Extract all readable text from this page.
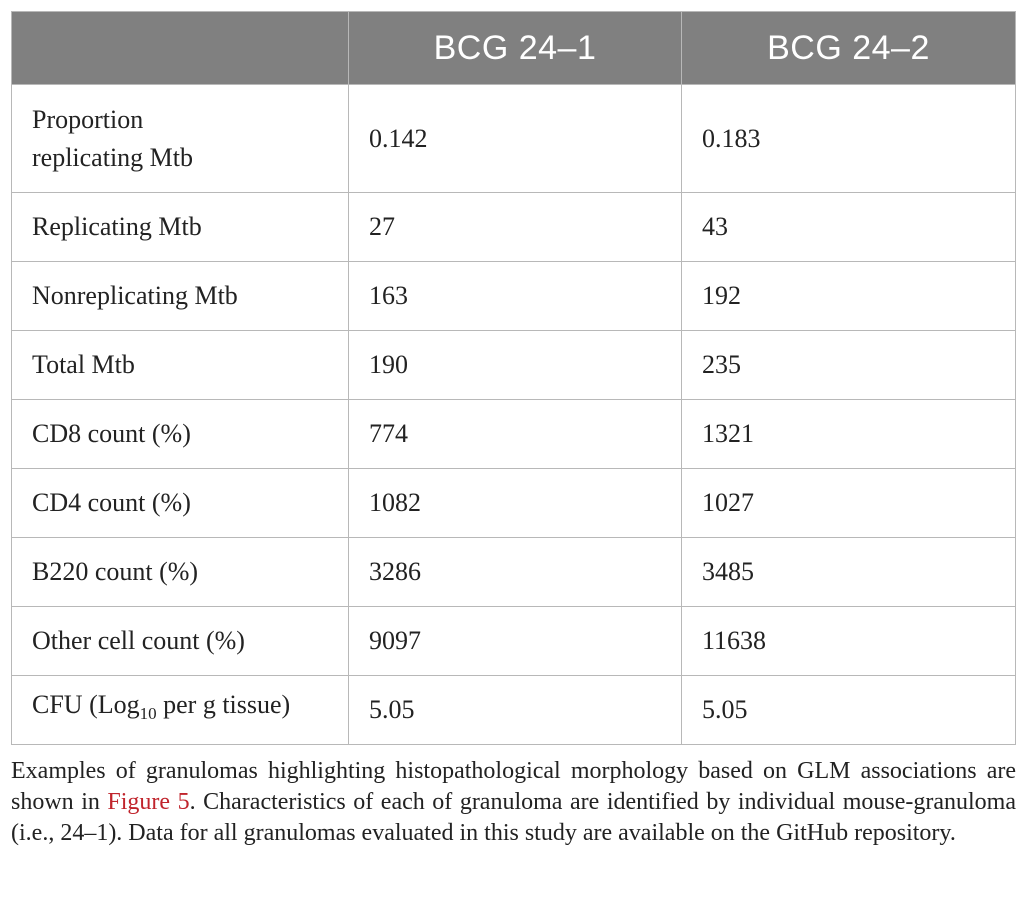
	BCG 24–1	BCG 24–2
Proportion
replicating Mtb	0.142	0.183
Replicating Mtb	27	43
Nonreplicating Mtb	163	192
Total Mtb	190	235
CD8 count (%)	774	1321
CD4 count (%)	1082	1027
B220 count (%)	3286	3485
Other cell count (%)	9097	11638
CFU (Log$_{10}$ per g tissue)	5.05	5.05

Examples of granulomas highlighting histopathological morphology based on GLM associations are shown in Figure 5. Characteristics of each of granuloma are identified by individual mouse-granuloma (i.e., 24–1). Data for all granulomas evaluated in this study are available on the GitHub repository.
